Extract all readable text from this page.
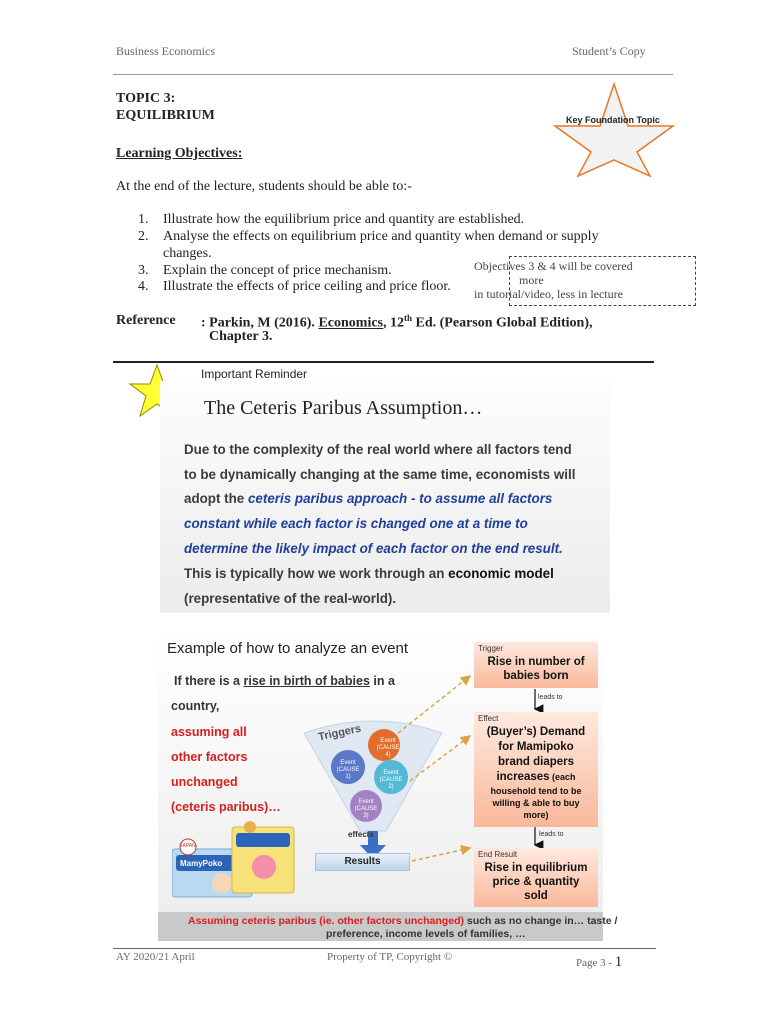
Business Economics	Student’s Copy
TOPIC 3:
EQUILIBRIUM	Key Foundation Topic
Learning Objectives:
At the end of the lecture, students should be able to:-
1.	Illustrate how the equilibrium price and quantity are established.
2.	Analyse the effects on equilibrium price and quantity when demand or supply
changes.
3.	Explain the concept of price mechanism.
4.	Illustrate the effects of price ceiling and price floor.
Objectives 3 & 4 will be covered
more
in tutorial/video, less in lecture
Reference : Parkin, M (2016). Economics, 12th Ed. (Pearson Global Edition),
Chapter 3.
Important Reminder
The Ceteris Paribus Assumption…
Due to the complexity of the real world where all factors tend
to be dynamically changing at the same time, economists will
adopt the ceteris paribus approach - to assume all factors
constant while each factor is changed one at a time to
determine the likely impact of each factor on the end result.
This is typically how we work through an economic model
(representative of the real-world).
Example of how to analyze an event
If there is a rise in birth of babies in a
country,
assuming all
other factors
unchanged
(ceteris paribus)…
Triggers	Event
(CAUSE 4)
Event
(CAUSE 1)
Event
(CAUSE 2)
Event
(CAUSE 3)
effects
Results
leads to
leads to
Trigger
Rise in number of
babies born
Effect
(Buyer’s) Demand
for Mamipoko
brand diapers
increases (each
household tend to be
willing & able to buy
more)
End Result
Rise in equilibrium
price & quantity
sold
MamyPoko
JAPAN
Assuming ceteris paribus (ie. other factors unchanged) such as no change in… taste /
preference, income levels of families, …
AY 2020/21 April	Property of TP, Copyright ©	Page 3 - 1
